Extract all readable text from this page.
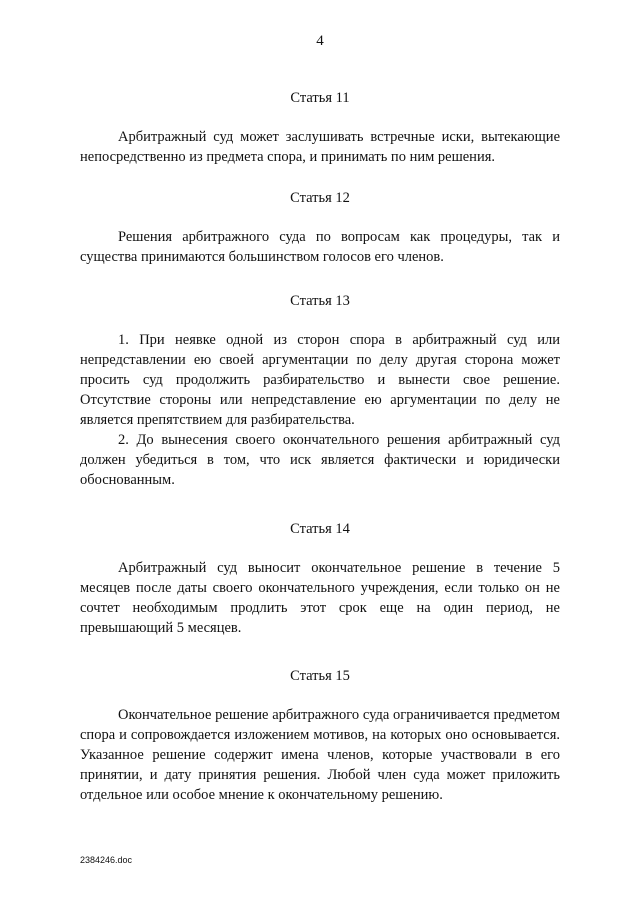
4

Статья 11

Арбитражный суд может заслушивать встречные иски, вытекающие непосредственно из предмета спора, и принимать по ним решения.

Статья 12

Решения арбитражного суда по вопросам как процедуры, так и существа принимаются большинством голосов его членов.

Статья 13

1. При неявке одной из сторон спора в арбитражный суд или непредставлении ею своей аргументации по делу другая сторона может просить суд продолжить разбирательство и вынести свое решение. Отсутствие стороны или непредставление ею аргументации по делу не является препятствием для разбирательства.

2. До вынесения своего окончательного решения арбитражный суд должен убедиться в том, что иск является фактически и юридически обоснованным.

Статья 14

Арбитражный суд выносит окончательное решение в течение 5 месяцев после даты своего окончательного учреждения, если только он не сочтет необходимым продлить этот срок еще на один период, не превышающий 5 месяцев.

Статья 15

Окончательное решение арбитражного суда ограничивается предметом спора и сопровождается изложением мотивов, на которых оно основывается. Указанное решение содержит имена членов, которые участвовали в его принятии, и дату принятия решения. Любой член суда может приложить отдельное или особое мнение к окончательному решению.

2384246.doc
